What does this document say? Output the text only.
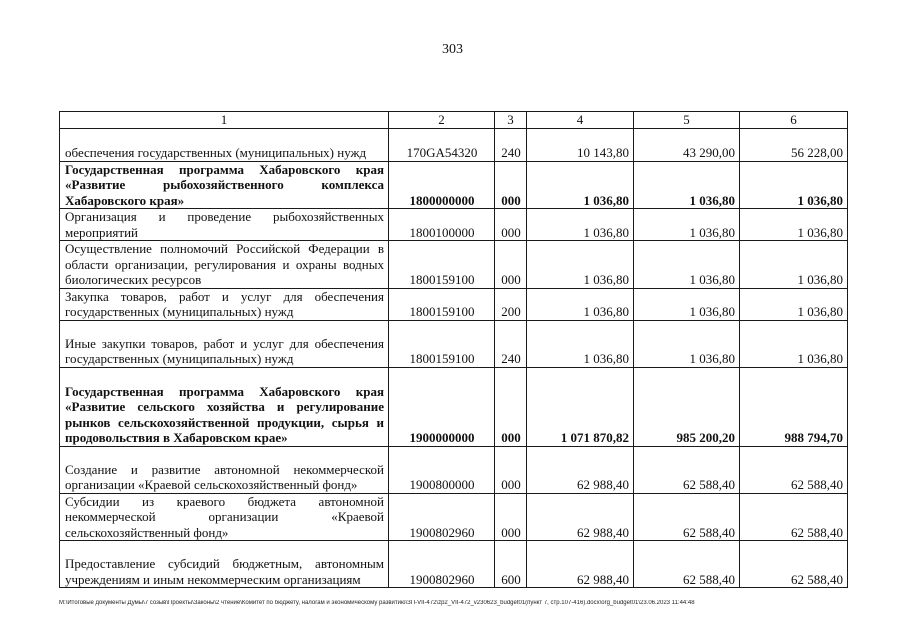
303
1	2	3	4	5	6
обеспечения государственных (муниципальных) нужд	170GA54320	240	10 143,80	43 290,00	56 228,00
Государственная программа Хабаровского края «Развитие рыбохозяйственного комплекса Хабаровского края»	1800000000	000	1 036,80	1 036,80	1 036,80
Организация и проведение рыбохозяйственных мероприятий	1800100000	000	1 036,80	1 036,80	1 036,80
Осуществление полномочий Российской Федерации в области организации, регулирования и охраны водных биологических ресурсов	1800159100	000	1 036,80	1 036,80	1 036,80
Закупка товаров, работ и услуг для обеспечения государственных (муниципальных) нужд	1800159100	200	1 036,80	1 036,80	1 036,80
Иные закупки товаров, работ и услуг для обеспечения государственных (муниципальных) нужд	1800159100	240	1 036,80	1 036,80	1 036,80
Государственная программа Хабаровского края «Развитие сельского хозяйства и регулирование рынков сельскохозяйственной продукции, сырья и продовольствия в Хабаровском крае»	1900000000	000	1 071 870,82	985 200,20	988 794,70
Создание и развитие автономной некоммерческой организации «Краевой сельскохозяйственный фонд»	1900800000	000	62 988,40	62 588,40	62 588,40
Субсидии из краевого бюджета автономной некоммерческой организации «Краевой сельскохозяйственный фонд»	1900802960	000	62 988,40	62 588,40	62 588,40
Предоставление субсидий бюджетным, автономным учреждениям и иным некоммерческим организациям	1900802960	600	62 988,40	62 588,40	62 588,40
M:\Итоговые документы Думы\7 созыв\Проекты\Законы\2 чтение\Комитет по бюджету, налогам и экономическому развитию\ЗП-VII-472\zp2_VII-472_v230623_budget01(пункт 7, стр.107-416).docx\org_budget01\23.06.2023 11:44:48
